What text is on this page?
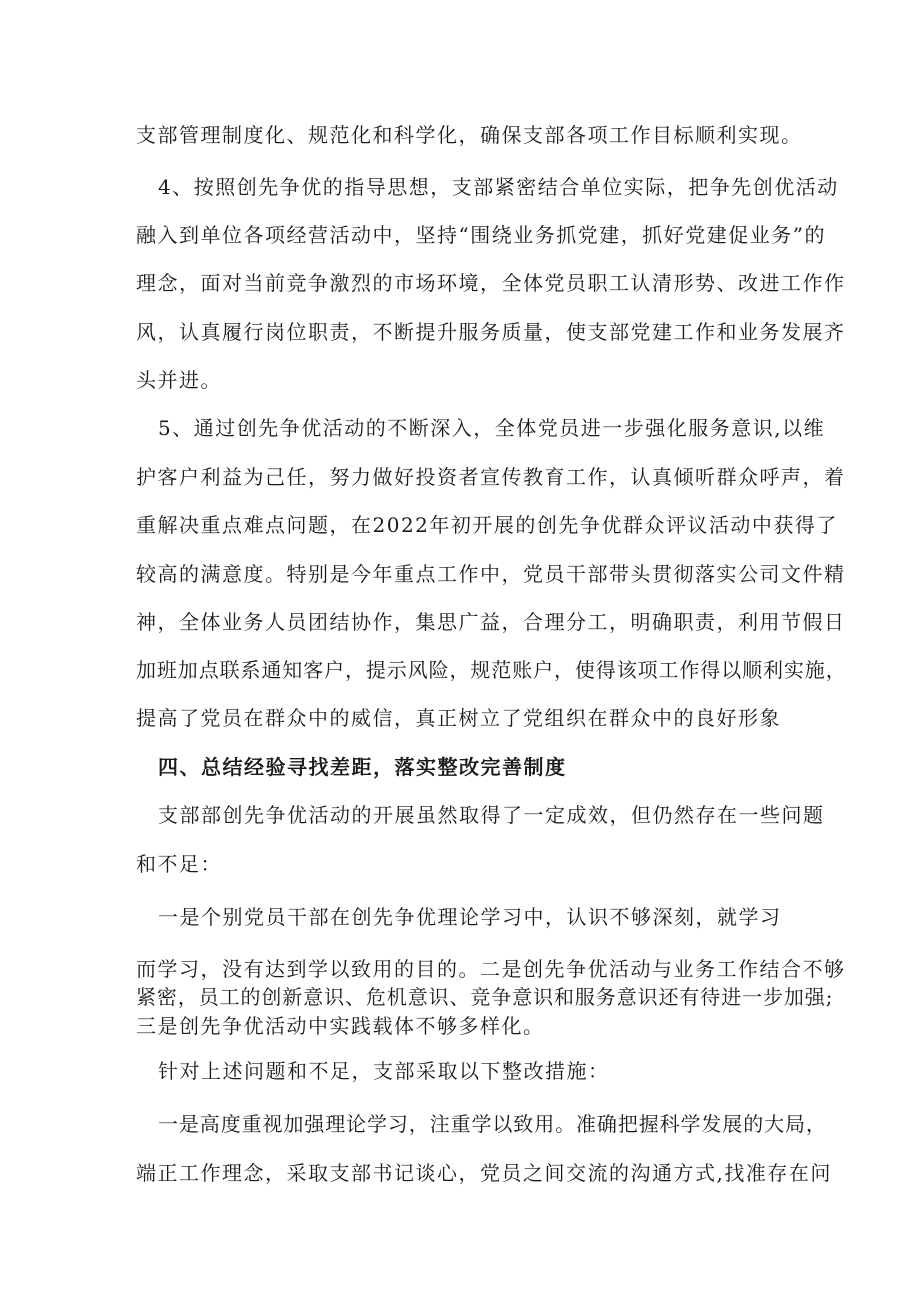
支部管理制度化、规范化和科学化，确保支部各项工作目标顺利实现。
4、按照创先争优的指导思想，支部紧密结合单位实际，把争先创优活动
融入到单位各项经营活动中，坚持“围绕业务抓党建，抓好党建促业务”的
理念，面对当前竞争激烈的市场环境，全体党员职工认清形势、改进工作作
风，认真履行岗位职责，不断提升服务质量，使支部党建工作和业务发展齐
头并进。
5、通过创先争优活动的不断深入，全体党员进一步强化服务意识,以维
护客户利益为己任，努力做好投资者宣传教育工作，认真倾听群众呼声，着
重解决重点难点问题，在2022年初开展的创先争优群众评议活动中获得了
较高的满意度。特别是今年重点工作中，党员干部带头贯彻落实公司文件精
神，全体业务人员团结协作，集思广益，合理分工，明确职责，利用节假日
加班加点联系通知客户，提示风险，规范账户，使得该项工作得以顺利实施，
提高了党员在群众中的威信，真正树立了党组织在群众中的良好形象
四、总结经验寻找差距，落实整改完善制度
支部部创先争优活动的开展虽然取得了一定成效，但仍然存在一些问题
和不足：
一是个别党员干部在创先争优理论学习中，认识不够深刻，就学习
而学习，没有达到学以致用的目的。二是创先争优活动与业务工作结合不够
紧密，员工的创新意识、危机意识、竞争意识和服务意识还有待进一步加强;
三是创先争优活动中实践载体不够多样化。
针对上述问题和不足，支部采取以下整改措施：
一是高度重视加强理论学习，注重学以致用。准确把握科学发展的大局，
端正工作理念，采取支部书记谈心，党员之间交流的沟通方式,找准存在问
